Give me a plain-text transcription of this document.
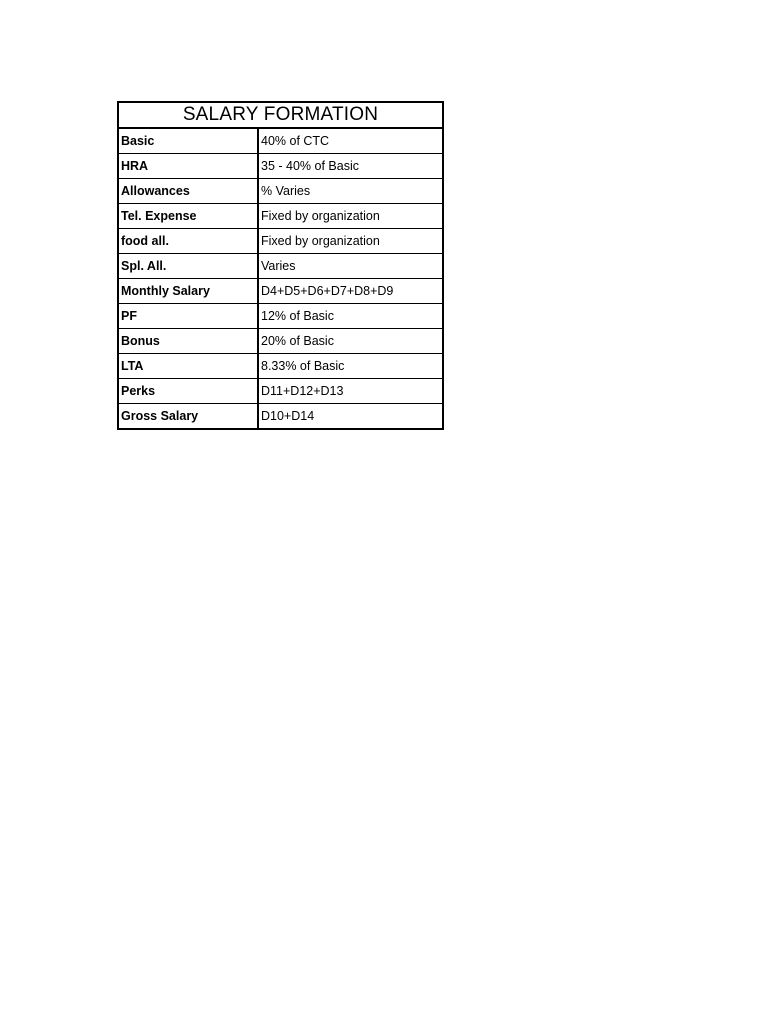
SALARY FORMATION	
Basic	40% of CTC
HRA	35 - 40% of Basic
Allowances	% Varies
Tel. Expense	Fixed by organization
food all.	Fixed by organization
Spl. All.	Varies
Monthly Salary	D4+D5+D6+D7+D8+D9
PF	12% of Basic
Bonus	20% of Basic
LTA	8.33% of Basic
Perks	D11+D12+D13
Gross Salary	D10+D14
